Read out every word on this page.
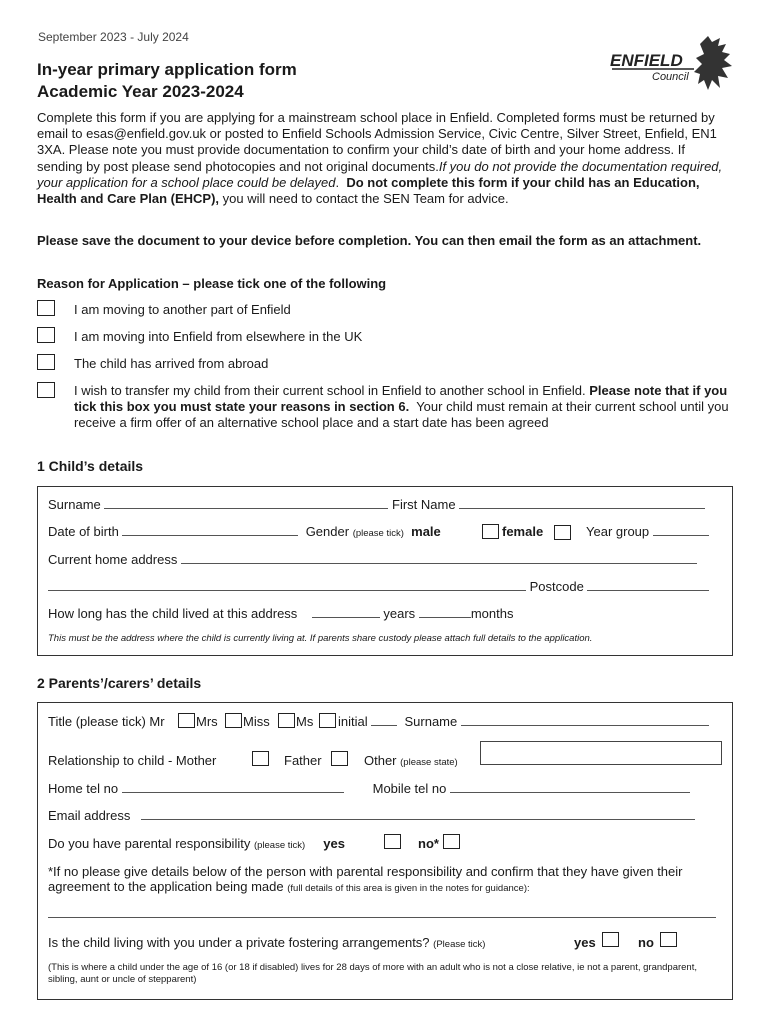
September 2023 - July 2024
In-year primary application form
Academic Year 2023-2024
ENFIELD
Council
Complete this form if you are applying for a mainstream school place in Enfield. Completed forms must be returned by email to esas@enfield.gov.uk or posted to Enfield Schools Admission Service, Civic Centre, Silver Street, Enfield, EN1 3XA. Please note you must provide documentation to confirm your child’s date of birth and your home address. If sending by post please send photocopies and not original documents.If you do not provide the documentation required, your application for a school place could be delayed. Do not complete this form if your child has an Education, Health and Care Plan (EHCP), you will need to contact the SEN Team for advice.
Please save the document to your device before completion. You can then email the form as an attachment.
Reason for Application – please tick one of the following
I am moving to another part of Enfield
I am moving into Enfield from elsewhere in the UK
The child has arrived from abroad
I wish to transfer my child from their current school in Enfield to another school in Enfield. Please note that if you tick this box you must state your reasons in section 6. Your child must remain at their current school until you receive a firm offer of an alternative school place and a start date has been agreed
1 Child’s details
Surname	First Name
Date of birth	Gender (please tick) male	female	Year group
Current home address
Postcode
How long has the child lived at this address	years	months
This must be the address where the child is currently living at. If parents share custody please attach full details to the application.
2 Parents’/carers’ details
Title (please tick) Mr Mrs Miss Ms initial	Surname
Relationship to child - Mother	Father	Other (please state)
Home tel no	Mobile tel no
Email address
Do you have parental responsibility (please tick) yes	no*
*If no please give details below of the person with parental responsibility and confirm that they have given their agreement to the application being made (full details of this area is given in the notes for guidance):
Is the child living with you under a private fostering arrangements? (Please tick)	yes	no
(This is where a child under the age of 16 (or 18 if disabled) lives for 28 days of more with an adult who is not a close relative, ie not a parent, grandparent, sibling, aunt or uncle of stepparent)
